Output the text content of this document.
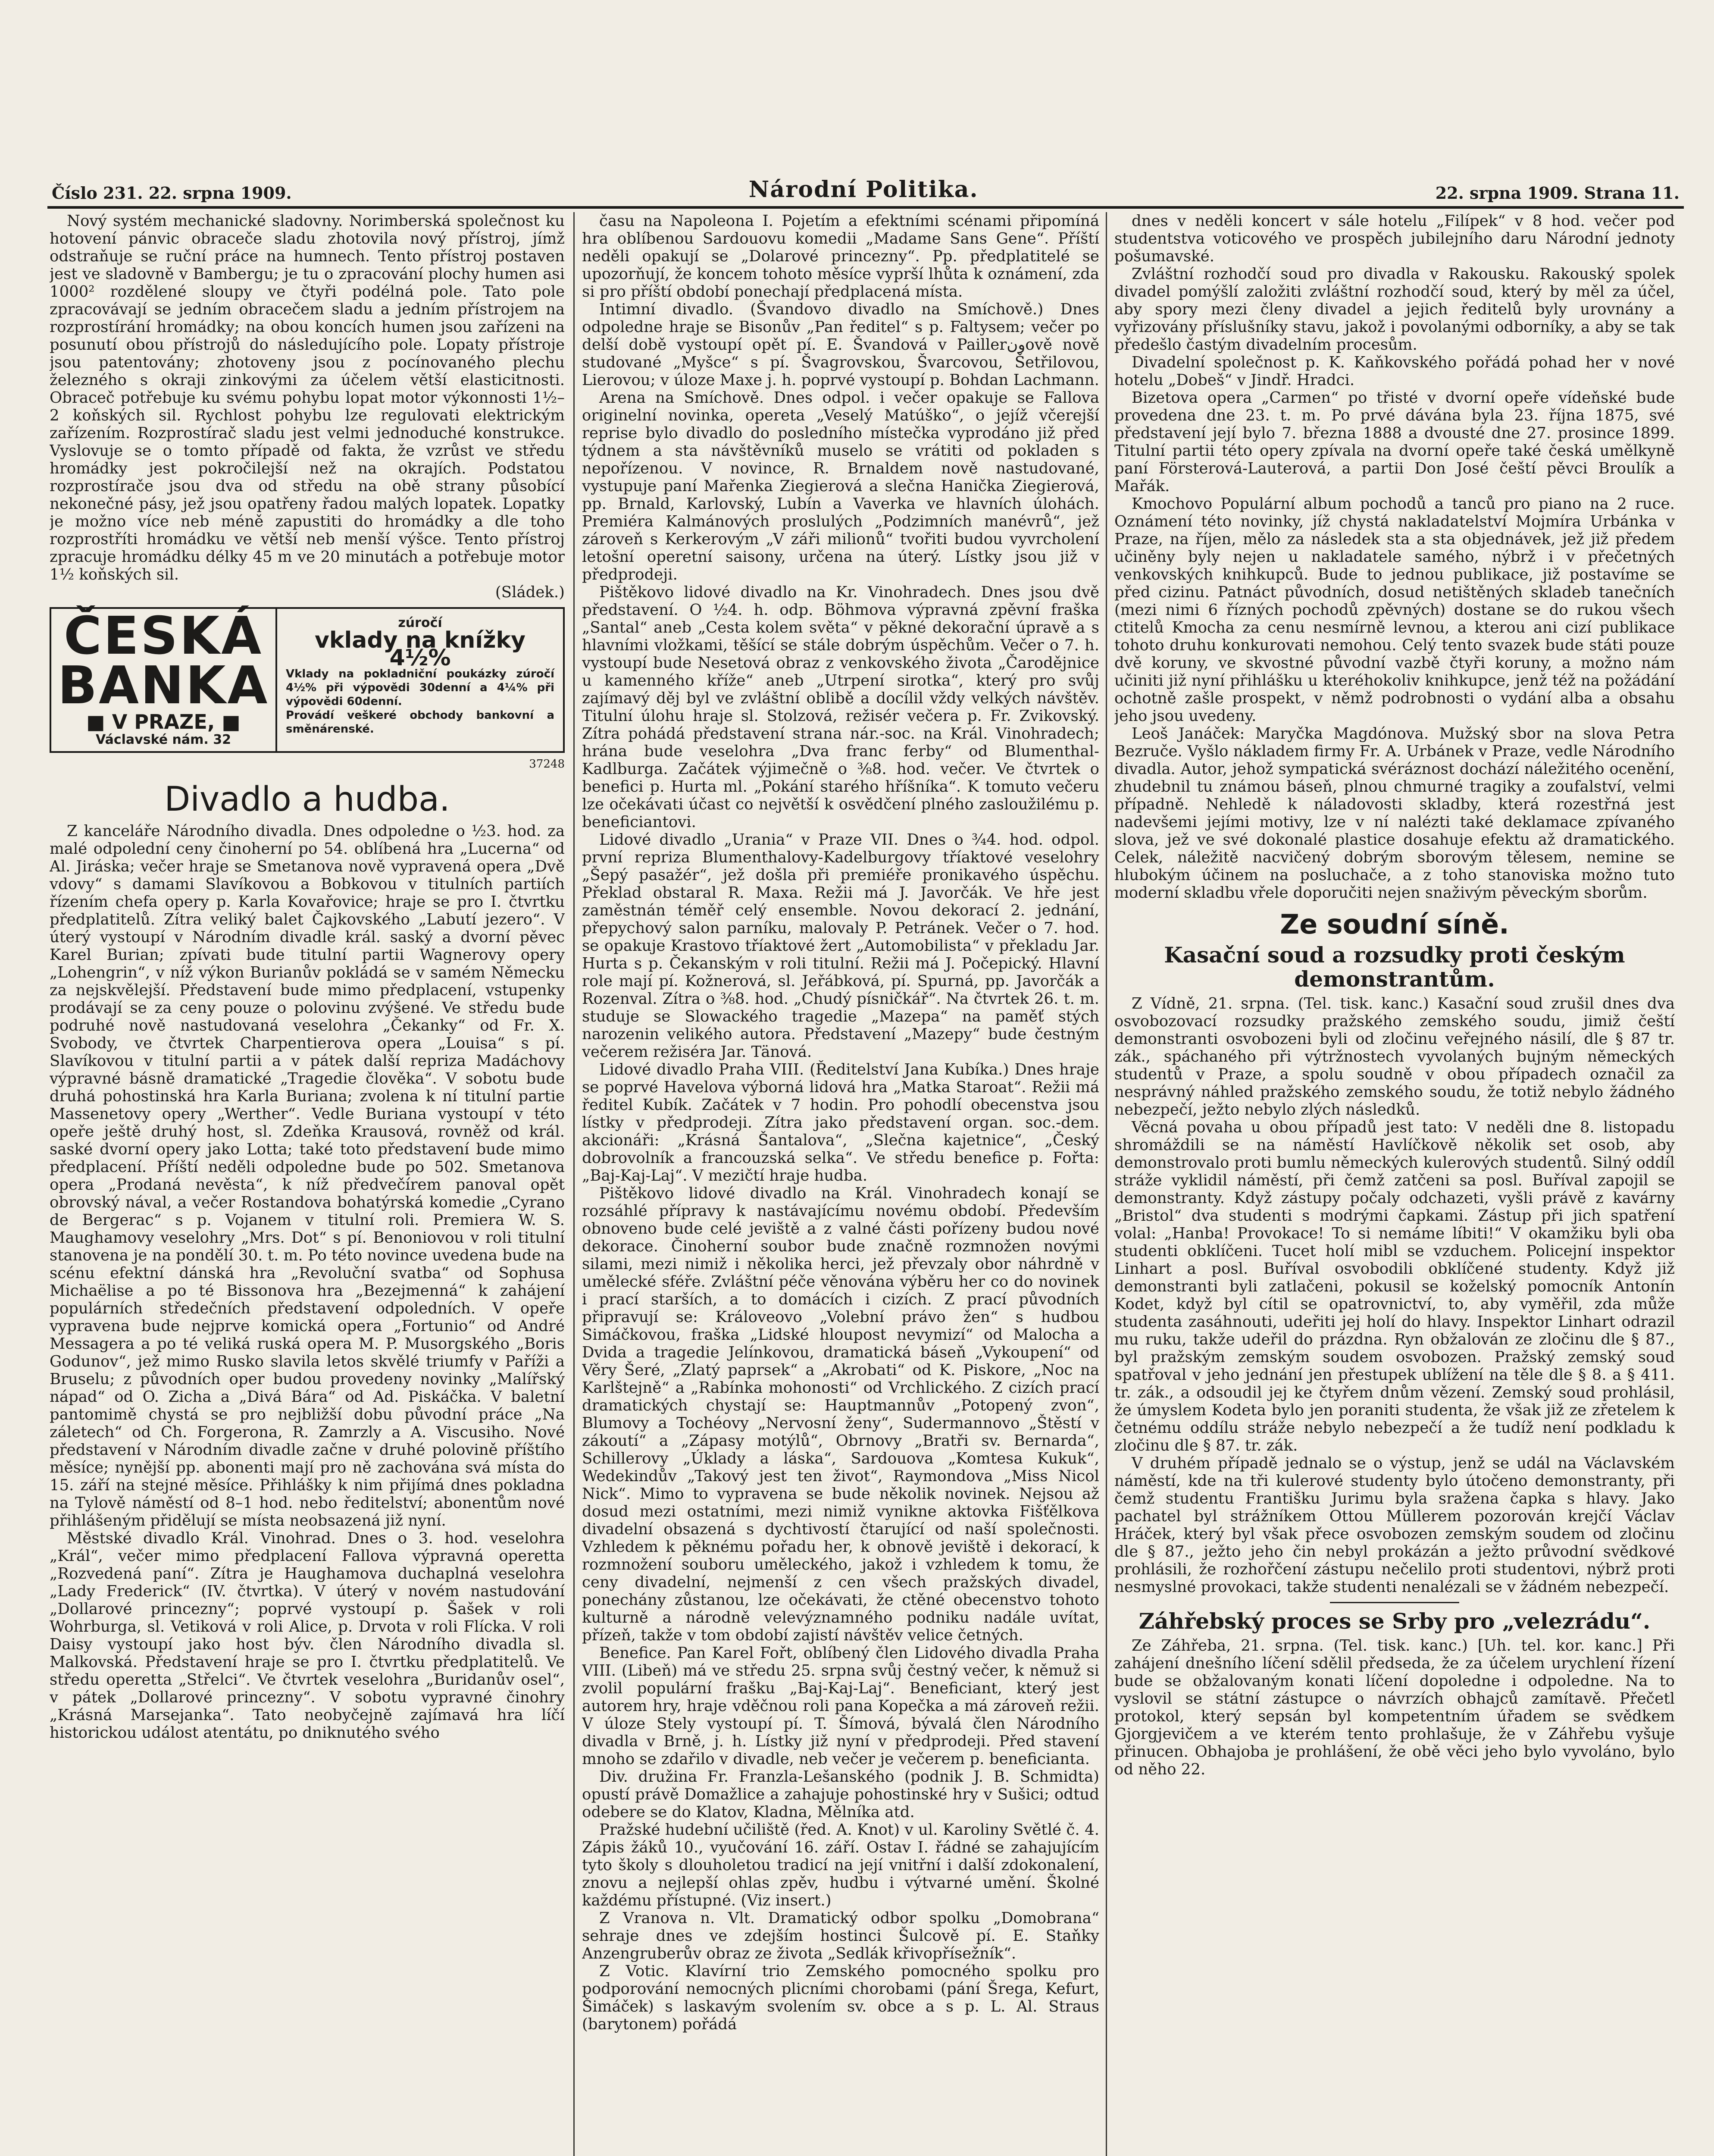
Číslo 231. 22. srpna 1909.	Národní Politika.	22. srpna 1909. Strana 11.

Nový systém mechanické sladovny. Norimberská společnost ku hotovení pánvic obraceče sladu zhotovila nový přístroj, jímž odstraňuje se ruční práce na humnech. Tento přístroj postaven jest ve sladovně v Bambergu; je tu o zpracování plochy humen asi 1000² rozdělené sloupy ve čtyři podélná pole. Tato pole zpracovávají se jedním obracečem sladu a jedním přístrojem na rozprostírání hromádky; na obou koncích humen jsou zařízeni na posunutí obou přístrojů do následujícího pole. Lopaty přístroje jsou patentovány; zhotoveny jsou z pocínovaného plechu železného s okraji zinkovými za účelem větší elasticitnosti. Obraceč potřebuje ku svému pohybu lopat motor výkonnosti 1½–2 koňských sil. Rychlost pohybu lze regulovati elektrickým zařízením. Rozprostírač sladu jest velmi jednoduché konstrukce. Vyslovuje se o tomto případě od fakta, že vzrůst ve středu hromádky jest pokročilejší než na okrajích. Podstatou rozprostírače jsou dva od středu na obě strany působící nekonečné pásy, jež jsou opatřeny řadou malých lopatek. Lopatky je možno více neb méně zapustiti do hromádky a dle toho rozprostříti hromádku ve větší neb menší výšce. Tento přístroj zpracuje hromádku délky 45 m ve 20 minutách a potřebuje motor 1½ koňských sil.

(Sládek.)

ČESKÁ BANKA
■ V PRAZE, ■
Václavské nám. 32
zúročí
vklady na knížky 4½%
Vklady na pokladniční poukázky zúročí 4½% při výpovědi 30denní a 4¼% při výpovědi 60denní.
Provádí veškeré obchody bankovní a směnárenské.
37248
Divadlo a hudba.

Z kanceláře Národního divadla. Dnes odpoledne o ½3. hod. za malé odpolední ceny činoherní po 54. oblíbená hra „Lucerna“ od Al. Jiráska; večer hraje se Smetanova nově vypravená opera „Dvě vdovy“ s damami Slavíkovou a Bobkovou v titulních partiích řízením chefa opery p. Karla Kovařovice; hraje se pro I. čtvrtku předplatitelů. Zítra veliký balet Čajkovského „Labutí jezero“. V úterý vystoupí v Národním divadle král. saský a dvorní pěvec Karel Burian; zpívati bude titulní partii Wagnerovy opery „Lohengrin“, v níž výkon Burianův pokládá se v samém Německu za nejskvělejší. Představení bude mimo předplacení, vstupenky prodávají se za ceny pouze o polovinu zvýšené. Ve středu bude podruhé nově nastudovaná veselohra „Čekanky“ od Fr. X. Svobody, ve čtvrtek Charpentierova opera „Louisa“ s pí. Slavíkovou v titulní partii a v pátek další repriza Madáchovy výpravné básně dramatické „Tragedie člověka“. V sobotu bude druhá pohostinská hra Karla Buriana; zvolena k ní titulní partie Massenetovy opery „Werther“. Vedle Buriana vystoupí v této opeře ještě druhý host, sl. Zdeňka Krausová, rovněž od král. saské dvorní opery jako Lotta; také toto představení bude mimo předplacení. Příští neděli odpoledne bude po 502. Smetanova opera „Prodaná nevěsta“, k níž předvečírem panoval opět obrovský nával, a večer Rostandova bohatýrská komedie „Cyrano de Bergerac“ s p. Vojanem v titulní roli. Premiera W. S. Maughamovy veselohry „Mrs. Dot“ s pí. Benoniovou v roli titulní stanovena je na pondělí 30. t. m. Po této novince uvedena bude na scénu efektní dánská hra „Revoluční svatba“ od Sophusa Michaëlise a po té Bissonova hra „Bezejmenná“ k zahájení populárních středečních představení odpoledních. V opeře vypravena bude nejprve komická opera „Fortunio“ od André Messagera a po té veliká ruská opera M. P. Musorgského „Boris Godunov“, jež mimo Rusko slavila letos skvělé triumfy v Paříži a Bruselu; z původních oper budou provedeny novinky „Malířský nápad“ od O. Zicha a „Divá Bára“ od Ad. Piskáčka. V baletní pantomimě chystá se pro nejbližší dobu původní práce „Na záletech“ od Ch. Forgerona, R. Zamrzly a A. Viscusiho. Nové představení v Národním divadle začne v druhé polovině příštího měsíce; nynější pp. abonenti mají pro ně zachována svá místa do 15. září na stejné měsíce. Přihlášky k nim přijímá dnes pokladna na Tylově náměstí od 8–1 hod. nebo ředitelství; abonentům nové přihlášeným přidělují se místa neobsazená již nyní.

Městské divadlo Král. Vinohrad. Dnes o 3. hod. veselohra „Král“, večer mimo předplacení Fallova výpravná operetta „Rozvedená paní“. Zítra je Haughamova duchaplná veselohra „Lady Frederick“ (IV. čtvrtka). V úterý v novém nastudování „Dollarové princezny“; poprvé vystoupí p. Šašek v roli Wohrburga, sl. Vetiková v roli Alice, p. Drvota v roli Flícka. V roli Daisy vystoupí jako host býv. člen Národního divadla sl. Malkovská. Představení hraje se pro I. čtvrtku předplatitelů. Ve středu operetta „Střelci“. Ve čtvrtek veselohra „Buridanův osel“, v pátek „Dollarové princezny“. V sobotu vypravné činohry „Krásná Marsejanka“. Tato neobyčejně zajímavá hra líčí historickou událost atentátu, po dniknutého svého

času na Napoleona I. Pojetím a efektními scénami připomíná hra oblíbenou Sardouovu komedii „Madame Sans Gene“. Příští neděli opakují se „Dolarové princezny“. Pp. předplatitelé se upozorňují, že koncem tohoto měsíce vyprší lhůta k oznámení, zda si pro příští období ponechají předplacená místa.

Intimní divadlo. (Švandovo divadlo na Smíchově.) Dnes odpoledne hraje se Bisonův „Pan ředitel“ s p. Faltysem; večer po delší době vystoupí opět pí. E. Švandová v Paillerونově nově studované „Myšce“ s pí. Švagrovskou, Švarcovou, Šetřilovou, Lierovou; v úloze Maxe j. h. poprvé vystoupí p. Bohdan Lachmann.

Arena na Smíchově. Dnes odpol. i večer opakuje se Fallova originelní novinka, opereta „Veselý Matúško“, o jejíž včerejší reprise bylo divadlo do posledního místečka vyprodáno již před týdnem a sta návštěvníků muselo se vrátiti od pokladen s nepořízenou. V novince, R. Brnaldem nově nastudované, vystupuje paní Mařenka Ziegierová a slečna Hanička Ziegierová, pp. Brnald, Karlovský, Lubín a Vaverka ve hlavních úlohách. Premiéra Kalmánových proslulých „Podzimních manévrů“, jež zároveň s Kerkerovým „V záři milionů“ tvořiti budou vyvrcholení letošní operetní saisony, určena na úterý. Lístky jsou již v předprodeji.

Pištěkovo lidové divadlo na Kr. Vinohradech. Dnes jsou dvě představení. O ½4. h. odp. Böhmova výpravná zpěvní fraška „Santal“ aneb „Cesta kolem světa“ v pěkné dekorační úpravě a s hlavními vložkami, těšící se stále dobrým úspěchům. Večer o 7. h. vystoupí bude Nesetová obraz z venkovského života „Čarodějnice u kamenného kříže“ aneb „Utrpení sirotka“, který pro svůj zajímavý děj byl ve zvláštní oblibě a docílil vždy velkých návštěv. Titulní úlohu hraje sl. Stolzová, režisér večera p. Fr. Zvikovský. Zítra pohádá představení strana nár.-soc. na Král. Vinohradech; hrána bude veselohra „Dva franc ferby“ od Blumenthal-Kadlburga. Začátek výjimečně o ⅜8. hod. večer. Ve čtvrtek o benefici p. Hurta ml. „Pokání starého hříšníka“. K tomuto večeru lze očekávati účast co největší k osvědčení plného zasloužilému p. beneficiantovi.

Lidové divadlo „Urania“ v Praze VII. Dnes o ¾4. hod. odpol. první repriza Blumenthalovy-Kadelburgovy tříaktové veselohry „Šepý pasažér“, jež došla při premiéře pronikavého úspěchu. Překlad obstaral R. Maxa. Režii má J. Javorčák. Ve hře jest zaměstnán téměř celý ensemble. Novou dekorací 2. jednání, přepychový salon parníku, malovaly P. Petránek. Večer o 7. hod. se opakuje Krastovo tříaktové žert „Automobilista“ v překladu Jar. Hurta s p. Čekanským v roli titulní. Režii má J. Počepický. Hlavní role mají pí. Kožnerová, sl. Jeřábková, pí. Spurná, pp. Javorčák a Rozenval. Zítra o ⅜8. hod. „Chudý písničkář“. Na čtvrtek 26. t. m. studuje se Slowackého tragedie „Mazepa“ na paměť stých narozenin velikého autora. Představení „Mazepy“ bude čestným večerem režiséra Jar. Tänová.

Lidové divadlo Praha VIII. (Ředitelství Jana Kubíka.) Dnes hraje se poprvé Havelova výborná lidová hra „Matka Staroat“. Režii má ředitel Kubík. Začátek v 7 hodin. Pro pohodlí obecenstva jsou lístky v předprodeji. Zítra jako představení organ. soc.-dem. akcionáři: „Krásná Šantalova“, „Slečna kajetnice“, „Český dobrovolník a francouzská selka“. Ve středu benefice p. Fořta: „Baj-Kaj-Laj“. V mezičtí hraje hudba.

Pištěkovo lidové divadlo na Král. Vinohradech konají se rozsáhlé přípravy k nastávajícímu novému období. Především obnoveno bude celé jeviště a z valné části pořízeny budou nové dekorace. Činoherní soubor bude značně rozmnožen novými silami, mezi nimiž i několika herci, jež převzaly obor náhrdně v umělecké sféře. Zvláštní péče věnována výběru her co do novinek i prací starších, a to domácích i cizích. Z prací původních připravují se: Královeovo „Volební právo žen“ s hudbou Simáčkovou, fraška „Lidské hloupost nevymizí“ od Malocha a Dvida a tragedie Jelínkovou, dramatická báseň „Vykoupení“ od Věry Šeré, „Zlatý paprsek“ a „Akrobati“ od K. Piskore, „Noc na Karlštejně“ a „Rabínka mohonosti“ od Vrchlického. Z cizích prací dramatických chystají se: Hauptmannův „Potopený zvon“, Blumovy a Tochéovy „Nervosní ženy“, Sudermannovo „Štěstí v zákoutí“ a „Zápasy motýlů“, Obrnovy „Bratři sv. Bernarda“, Schillerovy „Úklady a láska“, Sardouova „Komtesa Kukuk“, Wedekindův „Takový jest ten život“, Raymondova „Miss Nicol Nick“. Mimo to vypravena se bude několik novinek. Nejsou až dosud mezi ostatními, mezi nimiž vynikne aktovka Fišťělkova divadelní obsazená s dychtivostí čtarující od naší společnosti. Vzhledem k pěknému pořadu her, k obnově jeviště i dekorací, k rozmnožení souboru uměleckého, jakož i vzhledem k tomu, že ceny divadelní, nejmenší z cen všech pražských divadel, ponechány zůstanou, lze očekávati, že ctěné obecenstvo tohoto kulturně a národně velevýznamného podniku nadále uvítat, přízeň, takže v tom období zajistí návštěv velice četných.

Benefice. Pan Karel Fořt, oblíbený člen Lidového divadla Praha VIII. (Libeň) má ve středu 25. srpna svůj čestný večer, k němuž si zvolil populární frašku „Baj-Kaj-Laj“. Beneficiant, který jest autorem hry, hraje vděčnou roli pana Kopečka a má zároveň režii. V úloze Stely vystoupí pí. T. Šímová, bývalá člen Národního divadla v Brně, j. h. Lístky již nyní v předprodeji. Před stavení mnoho se zdařilo v divadle, neb večer je večerem p. beneficianta.

Div. družina Fr. Franzla-Lešanského (podnik J. B. Schmidta) opustí právě Domažlice a zahajuje pohostinské hry v Sušici; odtud odebere se do Klatov, Kladna, Mělníka atd.

Pražské hudební učiliště (řed. A. Knot) v ul. Karoliny Světlé č. 4. Zápis žáků 10., vyučování 16. září. Ostav I. řádné se zahajujícím tyto školy s dlouholetou tradicí na její vnitřní i další zdokonalení, znovu a nejlepší ohlas zpěv, hudbu i výtvarné umění. Školné každému přístupné. (Viz insert.)

Z Vranova n. Vlt. Dramatický odbor spolku „Domobrana“ sehraje dnes ve zdejším hostinci Šulcově pí. E. Staňky Anzengruberův obraz ze života „Sedlák křivopřísežník“.

Z Votic. Klavírní trio Zemského pomocného spolku pro podporování nemocných plicními chorobami (pání Šrega, Kefurt, Šimáček) s laskavým svolením sv. obce a s p. L. Al. Straus (barytonem) pořádá

dnes v neděli koncert v sále hotelu „Filípek“ v 8 hod. večer pod studentstva voticového ve prospěch jubilejního daru Národní jednoty pošumavské.

Zvláštní rozhodčí soud pro divadla v Rakousku. Rakouský spolek divadel pomýšlí založiti zvláštní rozhodčí soud, který by měl za účel, aby spory mezi členy divadel a jejich ředitelů byly urovnány a vyřizovány příslušníky stavu, jakož i povolanými odborníky, a aby se tak předešlo častým divadelním procesům.

Divadelní společnost p. K. Kaňkovského pořádá pohad her v nové hotelu „Dobeš“ v Jindř. Hradci.

Bizetova opera „Carmen“ po třisté v dvorní opeře vídeňské bude provedena dne 23. t. m. Po prvé dávána byla 23. října 1875, své představení její bylo 7. března 1888 a dvousté dne 27. prosince 1899. Titulní partii této opery zpívala na dvorní opeře také česká umělkyně paní Försterová-Lauterová, a partii Don José čeští pěvci Broulík a Mařák.

Kmochovo Populární album pochodů a tanců pro piano na 2 ruce. Oznámení této novinky, jíž chystá nakladatelství Mojmíra Urbánka v Praze, na říjen, mělo za následek sta a sta objednávek, jež již předem učiněny byly nejen u nakladatele samého, nýbrž i v přečetných venkovských knihkupců. Bude to jednou publikace, již postavíme se před cizinu. Patnáct původních, dosud netištěných skladeb tanečních (mezi nimi 6 řízných pochodů zpěvných) dostane se do rukou všech ctitelů Kmocha za cenu nesmírně levnou, a kterou ani cizí publikace tohoto druhu konkurovati nemohou. Celý tento svazek bude státi pouze dvě koruny, ve skvostné původní vazbě čtyři koruny, a možno nám učiniti již nyní přihlášku u kteréhokoliv knihkupce, jenž též na požádání ochotně zašle prospekt, v němž podrobnosti o vydání alba a obsahu jeho jsou uvedeny.

Leoš Janáček: Maryčka Magdónova. Mužský sbor na slova Petra Bezruče. Vyšlo nákladem firmy Fr. A. Urbánek v Praze, vedle Národního divadla. Autor, jehož sympatická svéráznost dochází náležitého ocenění, zhudebnil tu známou báseň, plnou chmurné tragiky a zoufalství, velmi případně. Nehledě k náladovosti skladby, která rozestřná jest nadevšemi jejími motivy, lze v ní nalézti také deklamace zpívaného slova, jež ve své dokonalé plastice dosahuje efektu až dramatického. Celek, náležitě nacvičený dobrým sborovým tělesem, nemine se hlubokým účinem na posluchače, a z toho stanoviska možno tuto moderní skladbu vřele doporučiti nejen snaživým pěveckým sborům.

Ze soudní síně.
Kasační soud a rozsudky proti českým demonstrantům.

Z Vídně, 21. srpna. (Tel. tisk. kanc.) Kasační soud zrušil dnes dva osvobozovací rozsudky pražského zemského soudu, jimiž čeští demonstranti osvobozeni byli od zločinu veřejného násilí, dle § 87 tr. zák., spáchaného při výtržnostech vyvolaných bujným německých studentů v Praze, a spolu soudně v obou případech označil za nesprávný náhled pražského zemského soudu, že totiž nebylo žádného nebezpečí, ježto nebylo zlých následků.

Věcná povaha u obou případů jest tato: V neděli dne 8. listopadu shromáždili se na náměstí Havlíčkově několik set osob, aby demonstrovalo proti bumlu německých kulerových studentů. Silný oddíl stráže vyklidil náměstí, při čemž zatčeni sa posl. Buříval zapojil se demonstranty. Když zástupy počaly odchazeti, vyšli právě z kavárny „Bristol“ dva studenti s modrými čapkami. Zástup při jich spatření volal: „Hanba! Provokace! To si nemáme líbiti!“ V okamžiku byli oba studenti obklíčeni. Tucet holí mibl se vzduchem. Policejní inspektor Linhart a posl. Buříval osvobodili obklíčené studenty. Když již demonstranti byli zatlačeni, pokusil se koželský pomocník Antonín Kodet, když byl cítil se opatrovnictví, to, aby vyměřil, zda může studenta zasáhnouti, udeřiti jej holí do hlavy. Inspektor Linhart odrazil mu ruku, takže udeřil do prázdna. Ryn obžalován ze zločinu dle § 87., byl pražským zemským soudem osvobozen. Pražský zemský soud spatřoval v jeho jednání jen přestupek ublížení na těle dle § 8. a § 411. tr. zák., a odsoudil jej ke čtyřem dnům vězení. Zemský soud prohlásil, že úmyslem Kodeta bylo jen poraniti studenta, že však již ze zřetelem k četnému oddílu stráže nebylo nebezpečí a že tudíž není podkladu k zločinu dle § 87. tr. zák.

V druhém případě jednalo se o výstup, jenž se udál na Václavském náměstí, kde na tři kulerové studenty bylo útočeno demonstranty, při čemž studentu Františku Jurimu byla sražena čapka s hlavy. Jako pachatel byl strážníkem Ottou Müllerem pozorován krejčí Václav Hráček, který byl však přece osvobozen zemským soudem od zločinu dle § 87., ježto jeho čin nebyl prokázán a ježto průvodní svědkové prohlásili, že rozhořčení zástupu nečelilo proti studentovi, nýbrž proti nesmyslné provokaci, takže studenti nenalézali se v žádném nebezpečí.

Záhřebský proces se Srby pro „velezrádu“.

Ze Záhřeba, 21. srpna. (Tel. tisk. kanc.) [Uh. tel. kor. kanc.] Při zahájení dnešního líčení sdělil předseda, že za účelem urychlení řízení bude se obžalovaným konati líčení dopoledne i odpoledne. Na to vyslovil se státní zástupce o návrzích obhajců zamítavě. Přečetl protokol, který sepsán byl kompetentním úřadem se svědkem Gjorgjevičem a ve kterém tento prohlašuje, že v Záhřebu vyšuje přinucen. Obhajoba je prohlášení, že obě věci jeho bylo vyvoláno, bylo od něho 22.
